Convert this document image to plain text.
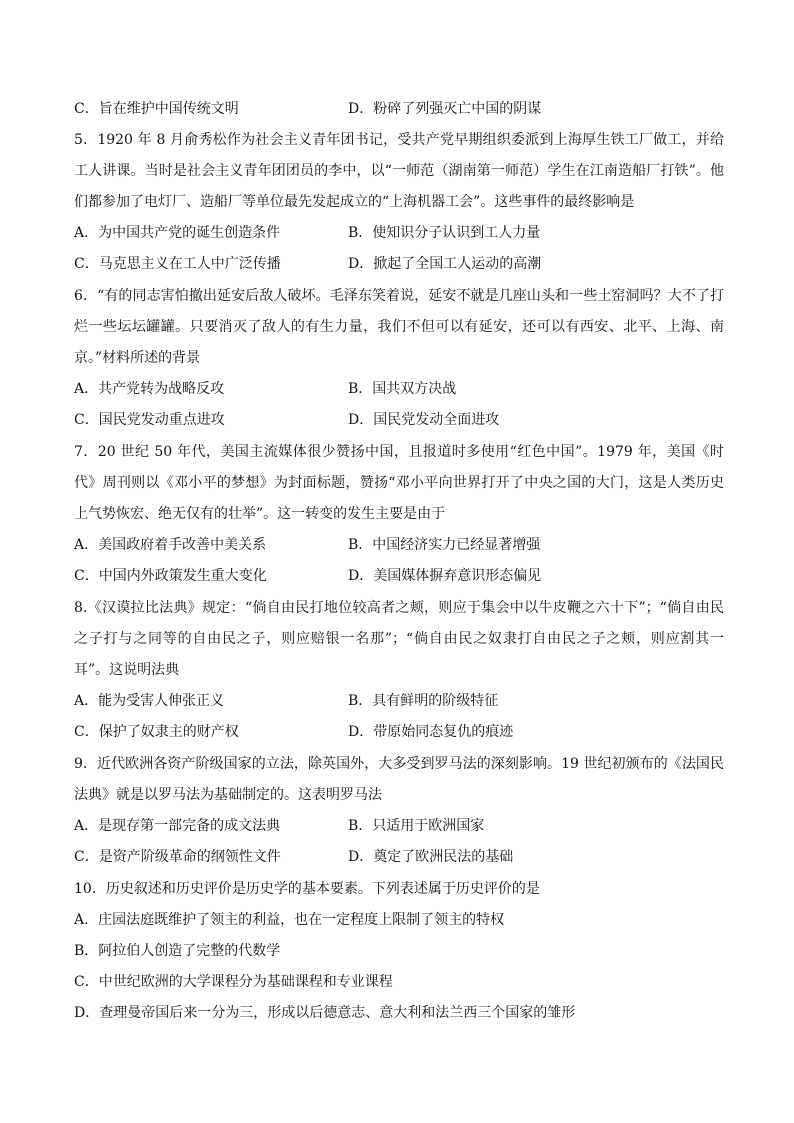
C．旨在维护中国传统文明	D．粉碎了列强灭亡中国的阴谋

5．1920 年 8 月俞秀松作为社会主义青年团书记，受共产党早期组织委派到上海厚生铁工厂做工，并给工人讲课。当时是社会主义青年团团员的李中，以“一师范（湖南第一师范）学生在江南造船厂打铁”。他们都参加了电灯厂、造船厂等单位最先发起成立的“上海机器工会”。这些事件的最终影响是

A．为中国共产党的诞生创造条件	B．使知识分子认识到工人力量
C．马克思主义在工人中广泛传播	D．掀起了全国工人运动的高潮

6．“有的同志害怕撤出延安后敌人破坏。毛泽东笑着说，延安不就是几座山头和一些土窑洞吗？大不了打烂一些坛坛罐罐。只要消灭了敌人的有生力量，我们不但可以有延安，还可以有西安、北平、上海、南京。”材料所述的背景

A．共产党转为战略反攻	B．国共双方决战
C．国民党发动重点进攻	D．国民党发动全面进攻

7．20 世纪 50 年代，美国主流媒体很少赞扬中国，且报道时多使用“红色中国”。1979 年，美国《时代》周刊则以《邓小平的梦想》为封面标题，赞扬“邓小平向世界打开了中央之国的大门，这是人类历史上气势恢宏、绝无仅有的壮举”。这一转变的发生主要是由于

A．美国政府着手改善中美关系	B．中国经济实力已经显著增强
C．中国内外政策发生重大变化	D．美国媒体摒弃意识形态偏见

8.《汉谟拉比法典》规定：“倘自由民打地位较高者之颊，则应于集会中以牛皮鞭之六十下”；“倘自由民之子打与之同等的自由民之子，则应赔银一名那”；“倘自由民之奴隶打自由民之子之颊，则应割其一耳”。这说明法典

A．能为受害人伸张正义	B．具有鲜明的阶级特征
C．保护了奴隶主的财产权	D．带原始同态复仇的痕迹

9．近代欧洲各资产阶级国家的立法，除英国外，大多受到罗马法的深刻影响。19 世纪初颁布的《法国民法典》就是以罗马法为基础制定的。这表明罗马法

A．是现存第一部完备的成文法典	B．只适用于欧洲国家
C．是资产阶级革命的纲领性文件	D．奠定了欧洲民法的基础

10．历史叙述和历史评价是历史学的基本要素。下列表述属于历史评价的是

A．庄园法庭既维护了领主的利益，也在一定程度上限制了领主的特权
B．阿拉伯人创造了完整的代数学
C．中世纪欧洲的大学课程分为基础课程和专业课程
D．查理曼帝国后来一分为三，形成以后德意志、意大利和法兰西三个国家的雏形
